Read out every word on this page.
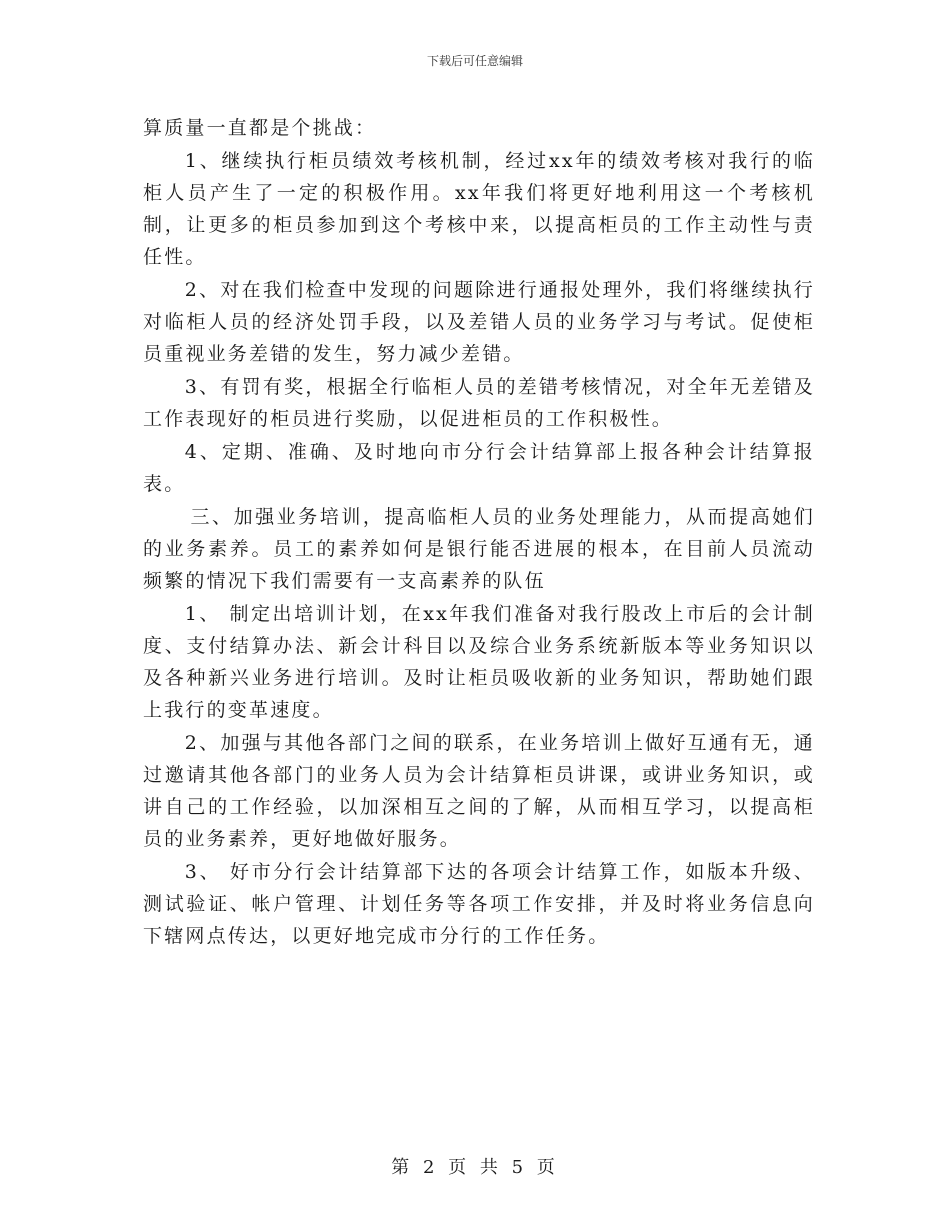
下载后可任意编辑

算质量一直都是个挑战：

1、继续执行柜员绩效考核机制，经过xx年的绩效考核对我行的临柜人员产生了一定的积极作用。xx年我们将更好地利用这一个考核机制，让更多的柜员参加到这个考核中来，以提高柜员的工作主动性与责任性。

2、对在我们检查中发现的问题除进行通报处理外，我们将继续执行对临柜人员的经济处罚手段，以及差错人员的业务学习与考试。促使柜员重视业务差错的发生，努力减少差错。

3、有罚有奖，根据全行临柜人员的差错考核情况，对全年无差错及工作表现好的柜员进行奖励，以促进柜员的工作积极性。

4、定期、准确、及时地向市分行会计结算部上报各种会计结算报表。

三、加强业务培训，提高临柜人员的业务处理能力，从而提高她们的业务素养。员工的素养如何是银行能否进展的根本，在目前人员流动频繁的情况下我们需要有一支高素养的队伍

1、 制定出培训计划，在xx年我们准备对我行股改上市后的会计制度、支付结算办法、新会计科目以及综合业务系统新版本等业务知识以及各种新兴业务进行培训。及时让柜员吸收新的业务知识，帮助她们跟上我行的变革速度。

2、加强与其他各部门之间的联系，在业务培训上做好互通有无，通过邀请其他各部门的业务人员为会计结算柜员讲课，或讲业务知识，或讲自己的工作经验，以加深相互之间的了解，从而相互学习，以提高柜员的业务素养，更好地做好服务。

3、 好市分行会计结算部下达的各项会计结算工作，如版本升级、测试验证、帐户管理、计划任务等各项工作安排，并及时将业务信息向下辖网点传达，以更好地完成市分行的工作任务。

第 2 页 共 5 页
